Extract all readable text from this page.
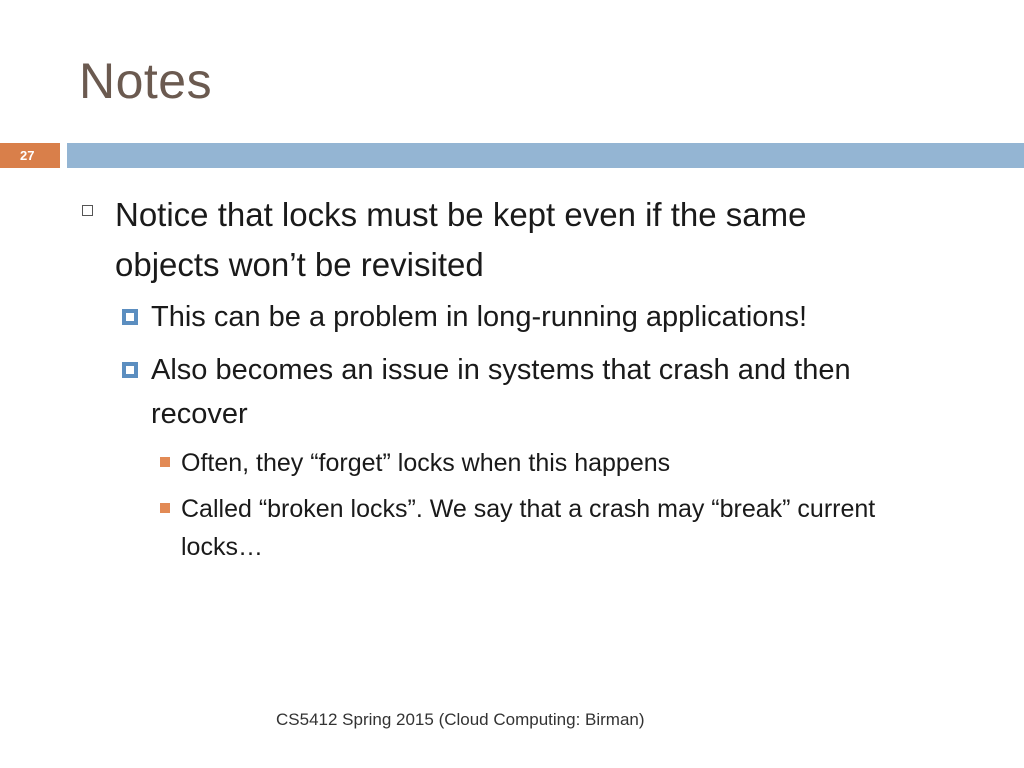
Notes
27
Notice that locks must be kept even if the same objects won’t be revisited
This can be a problem in long-running applications!
Also becomes an issue in systems that crash and then recover
Often, they “forget” locks when this happens
Called “broken locks”. We say that a crash may “break” current locks…
CS5412 Spring 2015 (Cloud Computing: Birman)
